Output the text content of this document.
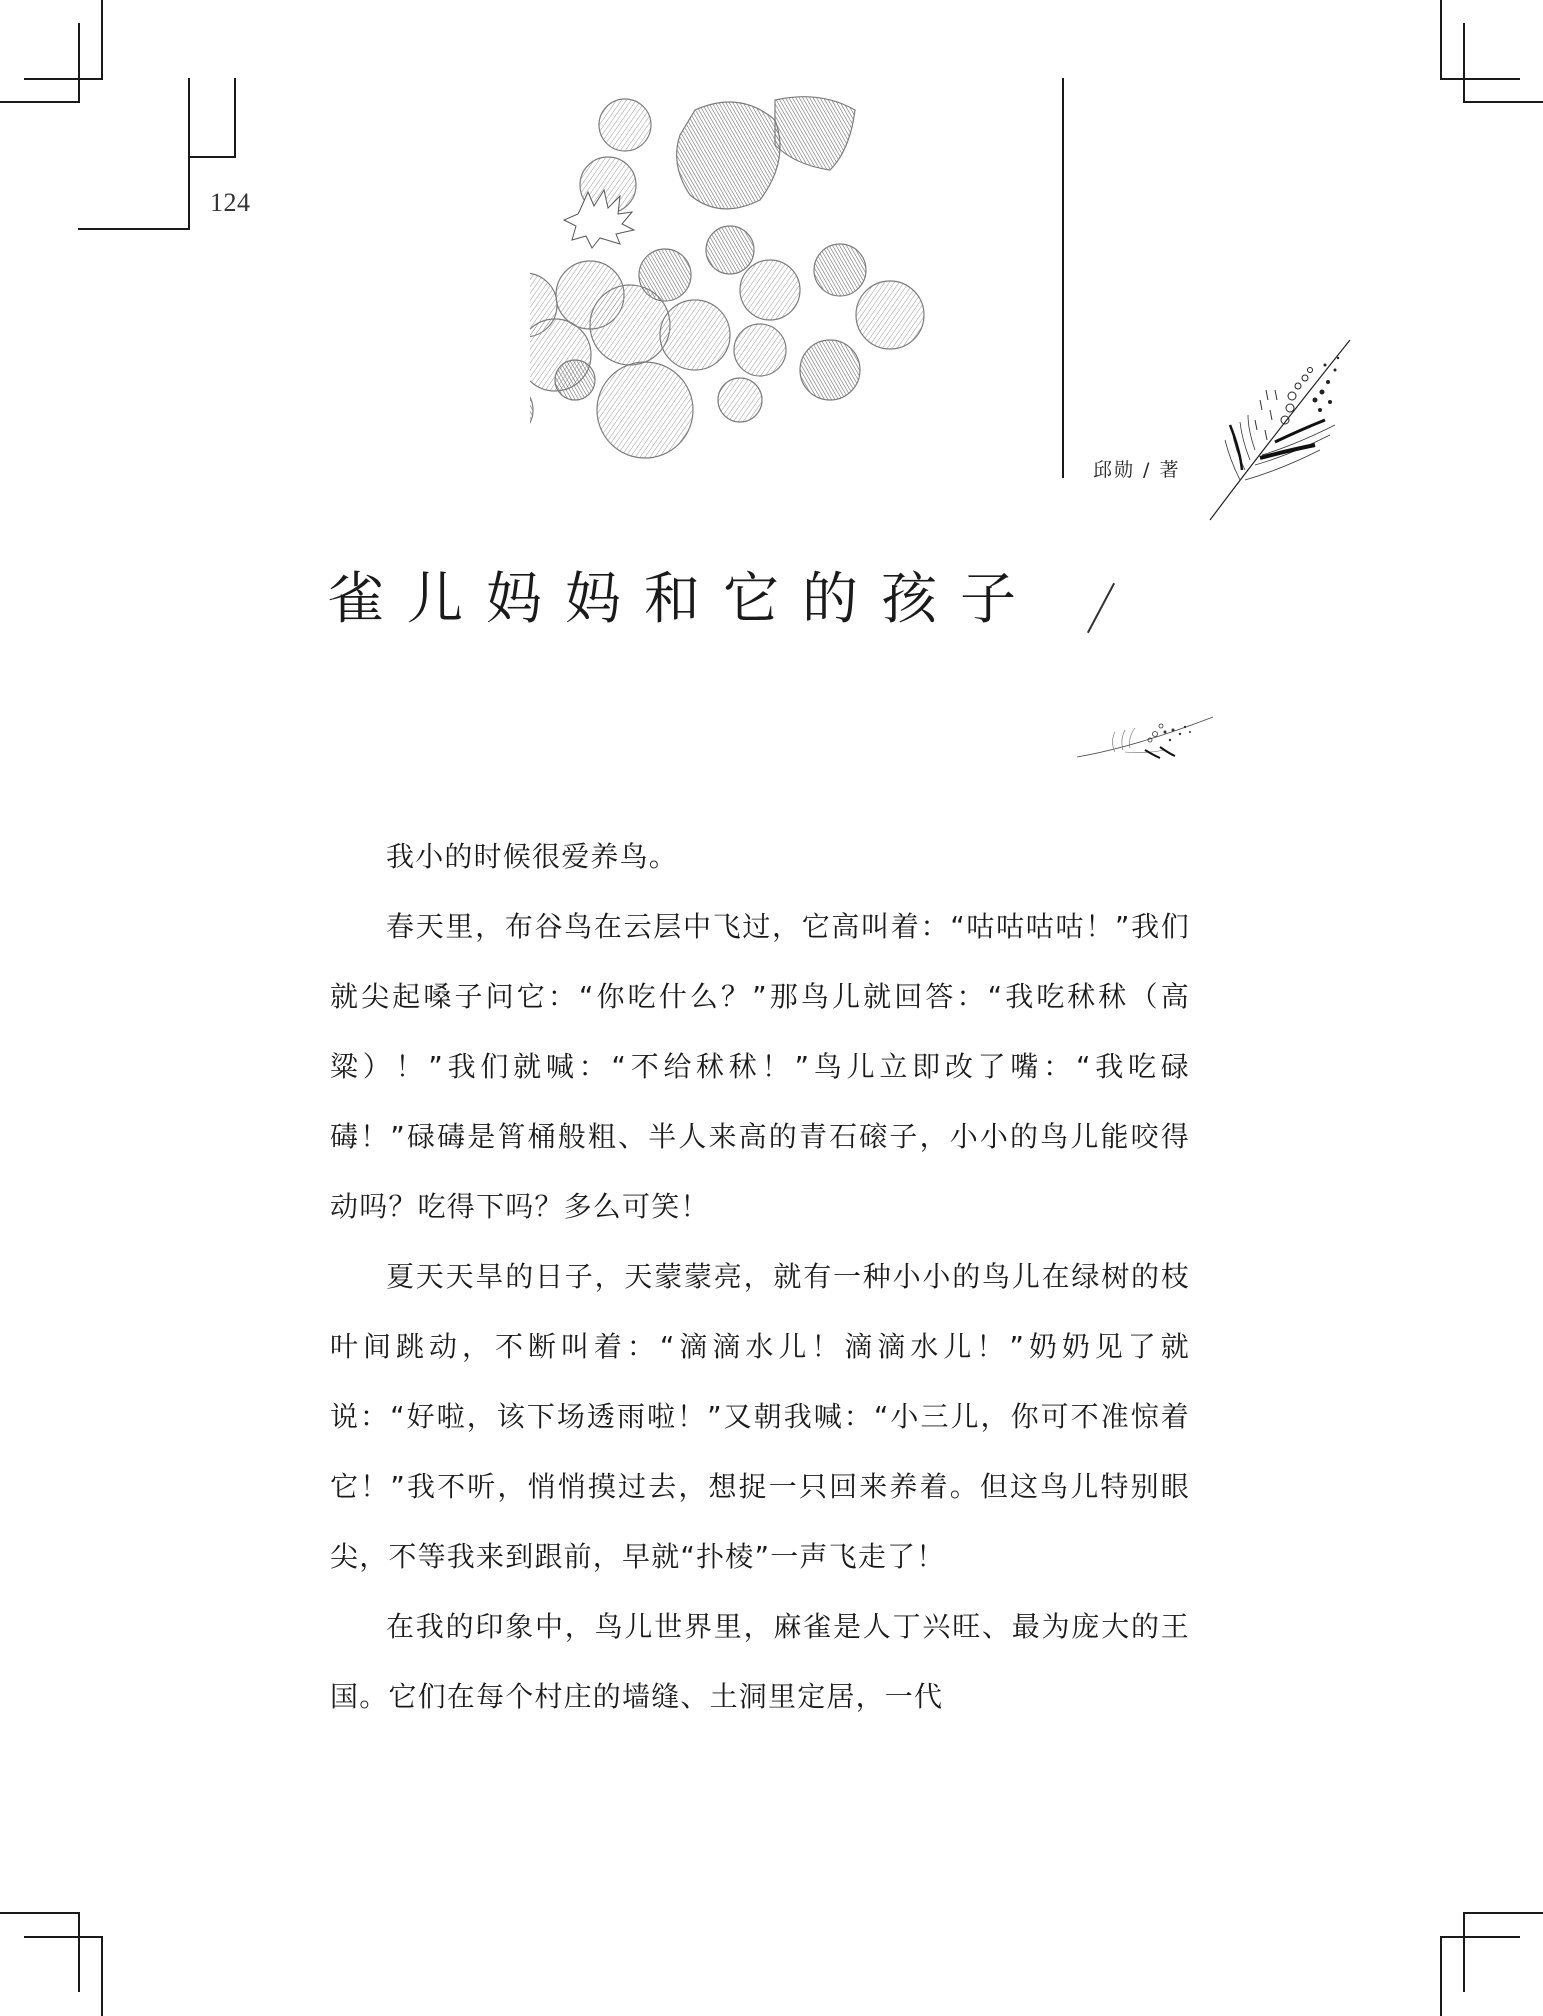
124
邱勋 / 著
雀儿妈妈和它的孩子

我小的时候很爱养鸟。

春天里，布谷鸟在云层中飞过，它高叫着：“咕咕咕咕！”我们就尖起嗓子问它：“你吃什么？”那鸟儿就回答：“我吃秫秫（高粱）！”我们就喊：“不给秫秫！”鸟儿立即改了嘴：“我吃碌碡！”碌碡是筲桶般粗、半人来高的青石磙子，小小的鸟儿能咬得动吗？吃得下吗？多么可笑！

夏天天旱的日子，天蒙蒙亮，就有一种小小的鸟儿在绿树的枝叶间跳动，不断叫着：“滴滴水儿！滴滴水儿！”奶奶见了就说：“好啦，该下场透雨啦！”又朝我喊：“小三儿，你可不准惊着它！”我不听，悄悄摸过去，想捉一只回来养着。但这鸟儿特别眼尖，不等我来到跟前，早就“扑棱”一声飞走了！

在我的印象中，鸟儿世界里，麻雀是人丁兴旺、最为庞大的王国。它们在每个村庄的墙缝、土洞里定居，一代
